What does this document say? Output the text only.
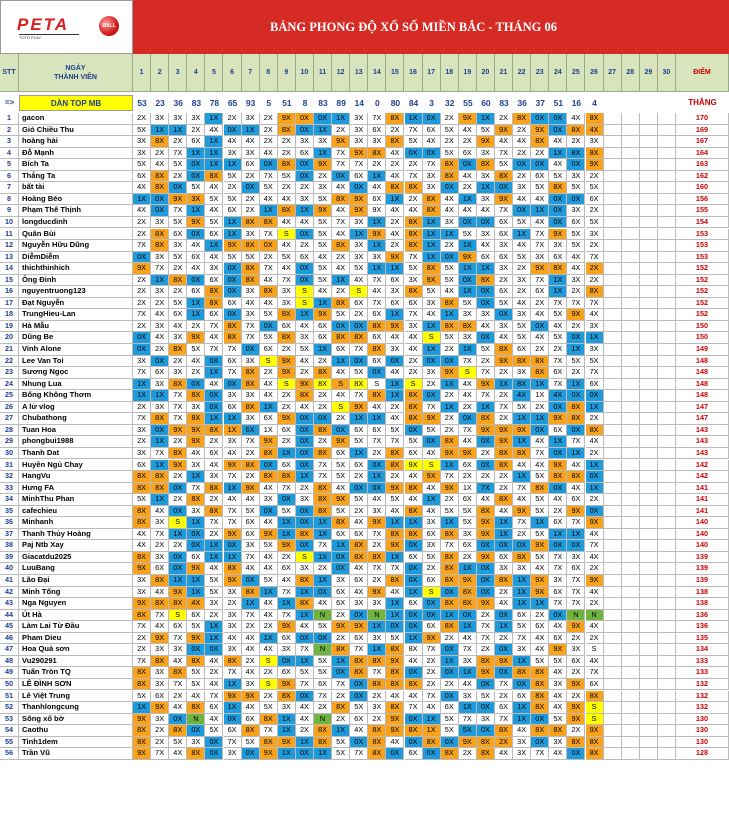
PETA	BALL
TOTO PLAY
BẢNG PHONG ĐỘ XỔ SỐ MIỀN BẮC - THÁNG 06
STT
NGÀY
THÀNH VIÊN
1	2	3	4	5	6	7	8	9	10	11	12	13	14	15	16	17	18	19	20	21	22	23	24	25	26	27	28	29	30	ĐIỂM
=>	DÀN TOP MB	53	23	36	83	78	65	93	5	51	8	83	89	14	0	80	84	3	32	55	60	83	36	37	51	16	4	THẮNG
1	gacon	2X	3X	3X	3X	1X	2X	3X	2X	9X	0X	0X	1X	3X	7X	8X	1X	0X	2X	9X	1X	2X	8X	0X	0X	4X	8X	170
2	Gió Chiều Thu	5X	1X	1X	2X	4X	0X	1X	2X	8X	0X	1X	2X	3X	6X	2X	7X	6X	5X	4X	5X	9X	2X	9X	0X	8X	4X	169
3	hoàng hải	3X	8X	2X	6X	1X	4X	4X	2X	2X	3X	3X	9X	3X	3X	8X	5X	4X	2X	2X	9X	4X	4X	8X	4X	2X	3X	167
4	Đỗ Mạnh	3X	2X	7X	1X	1X	3X	3X	4X	2X	6X	1X	7X	9X	8X	4X	0X	0X	5X	6X	3X	7X	2X	2X	1X	8X	8X	164
5	Bích Ta	5X	4X	5X	0X	1X	1X	6X	0X	8X	0X	9X	7X	7X	2X	2X	2X	7X	8X	0X	8X	5X	0X	0X	4X	0X	9X	163
6	Thắng Ta	6X	8X	2X	0X	8X	5X	2X	7X	5X	0X	2X	0X	6X	1X	4X	7X	3X	8X	4X	3X	8X	2X	6X	5X	3X	2X	162
7	bất tài	4X	8X	0X	5X	4X	2X	0X	5X	2X	2X	3X	4X	0X	4X	8X	8X	3X	0X	2X	1X	0X	3X	5X	8X	5X	5X	160
8	Hoàng Béo	1X	0X	9X	3X	5X	5X	2X	4X	4X	3X	5X	8X	9X	6X	1X	2X	8X	4X	1X	3X	9X	4X	4X	0X	0X	6X	156
9	Phạm Thế Thịnh	4X	0X	7X	1X	4X	6X	2X	1X	8X	1X	9X	4X	9X	9X	4X	4X	8X	4X	4X	4X	7X	0X	1X	0X	3X	2X	155
10	longducdinh	2X	3X	5X	9X	5X	1X	8X	8X	4X	4X	5X	7X	3X	1X	2X	8X	1X	3X	0X	0X	6X	5X	4X	0X	6X	5X	154
11	Quân Bùi	2X	8X	6X	0X	6X	1X	3X	7X	S	0X	5X	4X	1X	9X	4X	8X	1X	1X	5X	3X	6X	1X	7X	9X	5X	3X	153
12	Nguyễn Hữu Dũng	7X	8X	3X	4X	1X	9X	8X	0X	4X	2X	5X	8X	3X	1X	2X	8X	1X	2X	1X	4X	3X	4X	7X	3X	5X	2X	153
13	DiễmDiễm	0X	3X	5X	6X	4X	5X	5X	2X	5X	6X	4X	2X	3X	3X	9X	7X	1X	0X	9X	6X	6X	5X	3X	6X	4X	7X	153
14	thichthinhich	9X	7X	2X	4X	3X	0X	8X	7X	4X	0X	5X	4X	5X	1X	1X	5X	8X	5X	1X	1X	3X	2X	9X	8X	4X	2X	152
15	Ông Đinh	2X	1X	8X	0X	6X	0X	8X	4X	7X	0X	5X	1X	4X	7X	6X	3X	9X	5X	0X	8X	2X	3X	7X	1X	3X	2X	152
16	nguyentruong123	2X	3X	2X	6X	8X	0X	3X	8X	3X	S	4X	2X	S	4X	3X	8X	5X	4X	1X	0X	6X	2X	6X	1X	2X	8X	152
17	Đạt Nguyễn	2X	2X	5X	1X	8X	6X	4X	4X	3X	S	1X	8X	6X	7X	6X	6X	3X	8X	5X	0X	5X	4X	2X	7X	7X	7X	152
18	TrungHieu-Lan	7X	4X	6X	1X	6X	0X	3X	5X	8X	1X	9X	5X	2X	6X	1X	7X	4X	1X	3X	3X	0X	3X	4X	5X	9X	4X	152
19	Hà Mẫu	2X	3X	4X	2X	7X	8X	7X	0X	6X	4X	6X	0X	0X	8X	9X	3X	1X	8X	8X	4X	3X	5X	0X	4X	2X	3X	150
20	Dũng Be	0X	4X	3X	9X	4X	8X	7X	5X	8X	3X	6X	8X	8X	6X	4X	4X	S	5X	3X	0X	4X	5X	4X	5X	0X	1X	150
21	Vinh Alone	0X	2X	8X	5X	7X	7X	0X	6X	2X	5X	1X	6X	7X	8X	3X	4X	1X	2X	1X	5X	8X	6X	2X	2X	1X	3X	149
22	Lee Van Toi	3X	0X	2X	4X	0X	6X	3X	S	9X	4X	2X	1X	0X	6X	0X	2X	0X	0X	7X	2X	9X	8X	8X	7X	5X	5X	148
23	Sương Ngọc	7X	6X	3X	2X	1X	7X	8X	2X	9X	2X	8X	4X	5X	0X	4X	2X	3X	9X	S	7X	2X	3X	8X	6X	2X	7X	148
24	Nhung Lua	1X	3X	8X	0X	4X	0X	8X	4X	S	9X	8X	S	8X	S	1X	S	2X	1X	4X	9X	1X	8X	1X	7X	1X	6X	148
25	Bống Không Thơm	1X	1X	7X	8X	0X	3X	3X	4X	2X	8X	2X	4X	7X	8X	1X	8X	0X	2X	4X	7X	2X	4X	1X	4X	0X	0X	148
26	A lử vlog	2X	3X	7X	3X	0X	6X	8X	1X	2X	4X	2X	S	9X	4X	2X	8X	7X	1X	2X	1X	7X	5X	2X	0X	8X	1X	147
27	Chubathong	7X	8X	7X	8X	1X	1X	3X	6X	9X	0X	0X	2X	1X	1X	4X	8X	9X	2X	0X	8X	2X	1X	1X	9X	8X	2X	147
28	Tuan Hoa	3X	0X	9X	9X	8X	1X	6X	1X	6X	0X	8X	0X	6X	6X	5X	0X	5X	2X	7X	9X	9X	9X	0X	6X	0X	8X	143
29	phongbui1988	2X	1X	2X	9X	2X	3X	7X	9X	2X	0X	2X	9X	5X	7X	7X	5X	0X	8X	4X	0X	9X	1X	4X	1X	7X	4X	143
30	Thanh Dat	3X	7X	8X	4X	6X	4X	2X	8X	1X	0X	8X	6X	1X	2X	8X	6X	4X	9X	9X	2X	8X	8X	7X	0X	1X	2X	143
31	Huyền Ngủ Chay	6X	1X	9X	3X	4X	9X	8X	0X	6X	0X	7X	5X	6X	0X	8X	9X	S	1X	6X	0X	8X	4X	4X	9X	4X	1X	142
32	HangVu	8X	8X	2X	1X	3X	7X	2X	8X	8X	1X	7X	5X	2X	1X	2X	4X	9X	7X	2X	2X	2X	1X	5X	8X	8X	0X	142
33	Hưng FA	8X	8X	0X	7X	8X	1X	9X	4X	7X	2X	8X	4X	0X	0X	9X	8X	4X	9X	1X	7X	2X	7X	8X	0X	4X	1X	141
34	MinhThu Phan	5X	1X	2X	8X	2X	4X	4X	3X	0X	3X	8X	9X	5X	4X	5X	4X	1X	2X	6X	4X	8X	4X	5X	4X	6X	2X	141
35	cafechieu	8X	4X	0X	3X	8X	7X	5X	0X	5X	0X	8X	5X	2X	3X	4X	8X	4X	5X	5X	8X	4X	9X	5X	2X	9X	0X	141
36	Minhanh	8X	3X	S	1X	7X	7X	6X	4X	1X	0X	1X	8X	4X	9X	1X	1X	3X	1X	5X	9X	1X	7X	1X	6X	7X	9X	140
37	Thanh Thủy Hoàng	4X	7X	1X	0X	2X	9X	6X	9X	1X	8X	1X	6X	6X	7X	8X	8X	6X	8X	3X	9X	1X	2X	5X	1X	1X	4X	140
38	Paj Ntb Xay	4X	2X	2X	0X	1X	0X	3X	5X	9X	0X	7X	1X	8X	2X	9X	0X	3X	7X	6X	0X	0X	0X	9X	0X	0X	7X	140
39	Giacatdu2025	8X	3X	0X	6X	1X	1X	7X	4X	2X	S	1X	0X	8X	8X	1X	6X	5X	8X	2X	9X	6X	8X	5X	7X	3X	4X	139
40	LuuBang	9X	6X	0X	9X	4X	8X	4X	4X	6X	3X	2X	0X	4X	7X	7X	0X	2X	8X	1X	0X	3X	3X	4X	7X	6X	2X	139
41	Lão Đại	3X	8X	1X	1X	5X	9X	0X	5X	4X	8X	1X	3X	6X	2X	8X	0X	6X	8X	9X	0X	8X	1X	9X	3X	7X	9X	139
42	Minh Tống	3X	4X	9X	1X	5X	3X	8X	1X	7X	1X	0X	6X	4X	9X	4X	1X	S	0X	8X	0X	2X	1X	9X	6X	7X	4X	138
43	Nga Nguyen	9X	8X	8X	4X	3X	2X	1X	4X	1X	8X	4X	6X	3X	3X	1X	6X	0X	8X	8X	9X	4X	1X	1X	7X	7X	2X	138
44	Út Hà	8X	7X	S	6X	2X	3X	7X	4X	7X	1X	N	2X	0X	N	1X	0X	0X	1X	0X	2X	0X	6X	2X	0X	N	N	136
45	Làm Lai Từ Đầu	7X	4X	6X	5X	1X	3X	2X	2X	9X	4X	5X	9X	9X	1X	0X	0X	6X	8X	1X	7X	1X	5X	6X	4X	9X	4X	136
46	Pham Dieu	2X	9X	7X	9X	1X	4X	4X	1X	6X	0X	0X	2X	6X	3X	5X	1X	9X	2X	4X	7X	2X	7X	4X	6X	2X	2X	135
47	Hoa Quả sơn	2X	3X	3X	0X	0X	3X	4X	4X	3X	7X	N	8X	7X	1X	8X	8X	7X	0X	7X	2X	0X	3X	4X	9X	3X	S	134
48	Vu290291	7X	8X	4X	8X	4X	8X	2X	S	0X	1X	5X	1X	8X	8X	9X	4X	2X	1X	3X	8X	9X	1X	5X	5X	6X	4X	133
49	Tuấn Tròn TQ	8X	3X	8X	5X	2X	7X	4X	2X	6X	5X	5X	0X	8X	7X	8X	0X	2X	0X	1X	9X	0X	8X	8X	4X	2X	7X	133
50	LÊ ĐÌNH SƠN	8X	3X	7X	5X	4X	1X	3X	S	9X	7X	6X	7X	0X	8X	8X	8X	2X	2X	4X	0X	7X	0X	8X	3X	9X	6X	132
51	Lê Việt Trung	5X	6X	2X	4X	7X	9X	9X	2X	8X	0X	7X	2X	0X	2X	4X	4X	7X	0X	3X	5X	2X	6X	8X	4X	2X	8X	132
52	Thanhlongcung	1X	9X	4X	8X	6X	1X	4X	5X	3X	4X	2X	8X	5X	3X	8X	7X	4X	6X	1X	0X	6X	1X	8X	4X	9X	S	132
53	Sống xổ bờ	9X	3X	0X	N	4X	0X	6X	8X	1X	4X	N	2X	6X	2X	9X	0X	1X	5X	7X	3X	7X	1X	0X	5X	9X	S	130
54	Caothu	8X	2X	8X	0X	5X	6X	8X	7X	1X	2X	8X	1X	4X	8X	9X	8X	1X	5X	5X	0X	8X	4X	8X	8X	2X	9X	130
55	Tinh1dem	8X	2X	5X	3X	0X	7X	5X	8X	9X	1X	8X	5X	0X	8X	4X	0X	8X	0X	9X	8X	2X	3X	0X	3X	8X	8X	130
56	Trần Vũ	9X	7X	4X	8X	0X	3X	0X	9X	1X	0X	1X	5X	7X	8X	0X	6X	0X	8X	2X	8X	4X	3X	7X	4X	0X	8X	128
